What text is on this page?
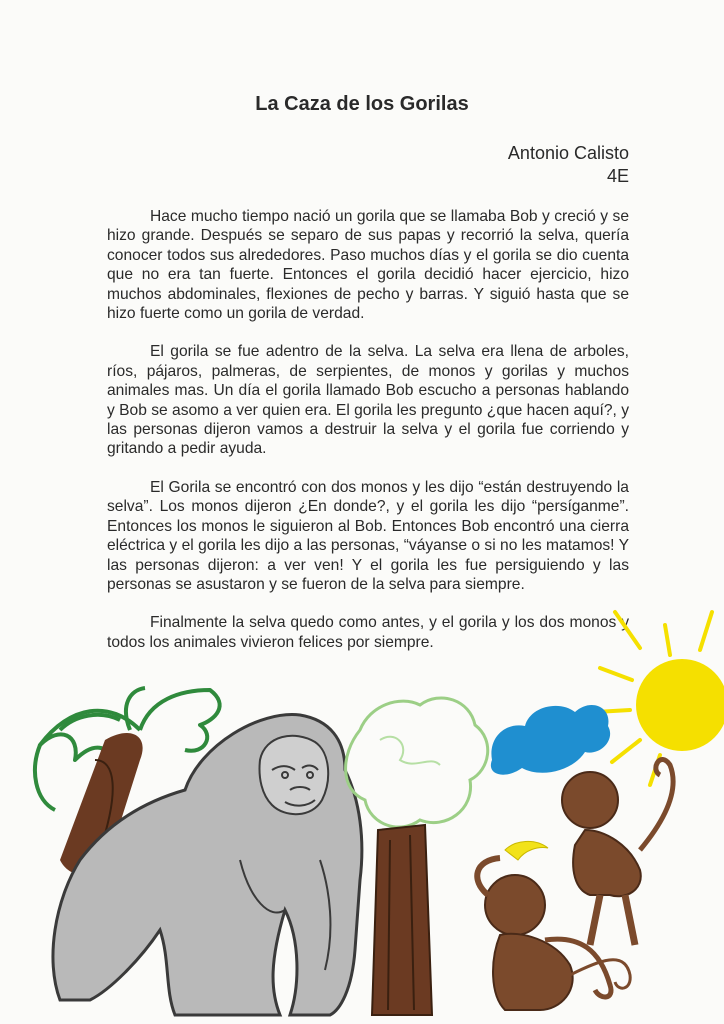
La Caza de los Gorilas
Antonio Calisto
4E

Hace mucho tiempo nació un gorila que se llamaba Bob y creció y se hizo grande. Después se separo de sus papas y recorrió la selva, quería conocer todos sus alrededores. Paso muchos días y el gorila se dio cuenta que no era tan fuerte. Entonces el gorila decidió hacer ejercicio, hizo muchos abdominales, flexiones de pecho y barras. Y siguió hasta que se hizo fuerte como un gorila de verdad.

El gorila se fue adentro de la selva. La selva era llena de arboles, ríos, pájaros, palmeras, de serpientes, de monos y gorilas y muchos animales mas. Un día el gorila llamado Bob escucho a personas hablando y Bob se asomo a ver quien era. El gorila les pregunto ¿que hacen aquí?, y las personas dijeron vamos a destruir la selva y el gorila fue corriendo y gritando a pedir ayuda.

El Gorila se encontró con dos monos y les dijo “están destruyendo la selva”. Los monos dijeron ¿En donde?, y el gorila les dijo “persíganme”. Entonces los monos le siguieron al Bob. Entonces Bob encontró una cierra eléctrica y el gorila les dijo a las personas, “váyanse o si no les matamos! Y las personas dijeron: a ver ven! Y el gorila les fue persiguiendo y las personas se asustaron y se fueron de la selva para siempre.

Finalmente la selva quedo como antes, y el gorila y los dos monos y todos los animales vivieron felices por siempre.
